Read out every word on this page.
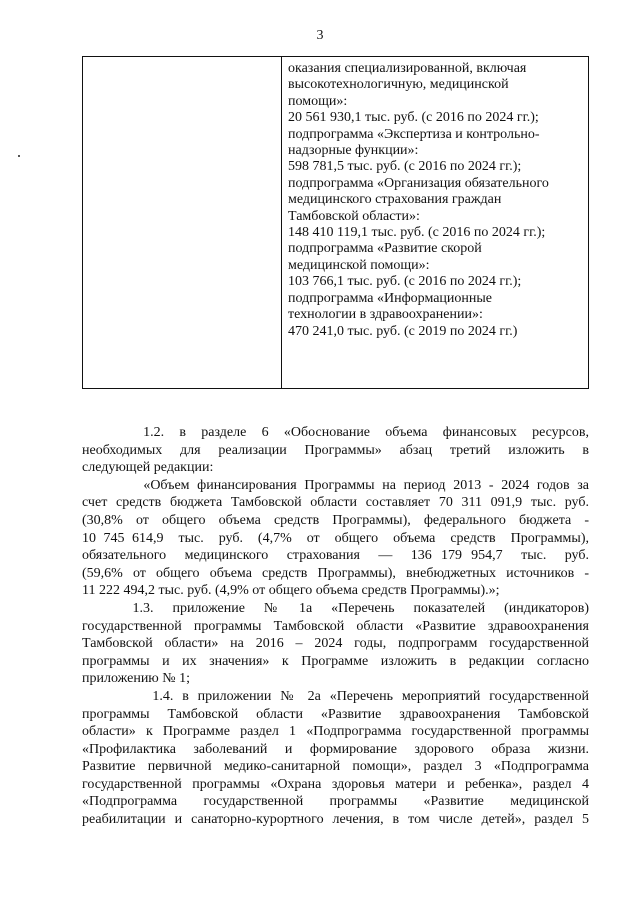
3
оказания специализированной, включая
высокотехнологичную, медицинской
помощи»:
20 561 930,1 тыс. руб. (с 2016 по 2024 гг.);
подпрограмма «Экспертиза и контрольно-
надзорные функции»:
598 781,5 тыс. руб. (с 2016 по 2024 гг.);
подпрограмма «Организация обязательного
медицинского страхования граждан
Тамбовской области»:
148 410 119,1 тыс. руб. (с 2016 по 2024 гг.);
подпрограмма «Развитие скорой
медицинской помощи»:
103 766,1 тыс. руб. (с 2016 по 2024 гг.);
подпрограмма «Информационные
технологии в здравоохранении»:
470 241,0 тыс. руб. (с 2019 по 2024 гг.)
1.2.  в  разделе  6  «Обоснование  объема  финансовых  ресурсов,
необходимых  для  реализации  Программы»  абзац  третий  изложить  в
следующей редакции:
«Объем финансирования Программы на период 2013 - 2024 годов за
счет средств бюджета Тамбовской области составляет 70 311 091,9 тыс. руб.
(30,8% от общего объема средств Программы), федерального бюджета -
10 745 614,9  тыс.  руб.  (4,7%  от  общего  объема  средств  Программы),
обязательного  медицинского  страхования  —  136 179 954,7  тыс.  руб.
(59,6% от общего объема средств Программы), внебюджетных источников -
11 222 494,2 тыс. руб. (4,9% от общего объема средств Программы).»;
1.3.   приложение   №   1а   «Перечень   показателей   (индикаторов)
государственной программы Тамбовской области «Развитие здравоохранения
Тамбовской области» на 2016 – 2024 годы, подпрограмм государственной
программы  и  их  значения»  к  Программе  изложить  в  редакции  согласно
приложению № 1;
1.4. в приложении № 2а «Перечень мероприятий государственной
программы  Тамбовской  области  «Развитие  здравоохранения  Тамбовской
области» к Программе раздел 1 «Подпрограмма государственной программы
«Профилактика  заболеваний  и  формирование  здорового  образа  жизни.
Развитие первичной медико-санитарной помощи», раздел 3 «Подпрограмма
государственной программы «Охрана здоровья матери и ребенка», раздел 4
«Подпрограмма   государственной   программы   «Развитие   медицинской
реабилитации и санаторно-курортного лечения, в том числе детей», раздел 5
